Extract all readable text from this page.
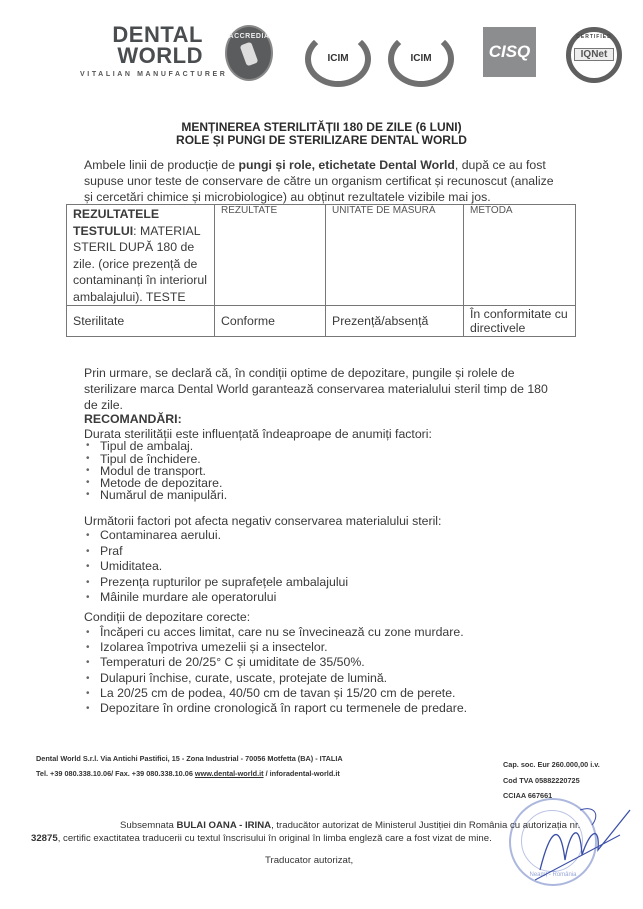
DENTAL
WORLD
VITALIAN MANUFACTURER
ACCREDIA
ICIM	ICIM	CISQ
CERTIFIED
IQNet
MENȚINEREA STERILITĂȚII 180 DE ZILE (6 LUNI)
ROLE ȘI PUNGI DE STERILIZARE DENTAL WORLD
Ambele linii de producție de pungi și role, etichetate Dental World, după ce au fost supuse unor teste de conservare de către un organism certificat și recunoscut (analize și cercetări chimice și microbiologice) au obținut rezultatele vizibile mai jos.
REZULTATELE TESTULUI: MATERIAL STERIL DUPĂ 180 de zile. (orice prezență de contaminanți în interiorul ambalajului). TESTE	REZULTATE	UNITATE DE MĂSURĂ	METODA
Sterilitate	Conforme	Prezență/absență	În conformitate cu directivele
Prin urmare, se declară că, în condiții optime de depozitare, pungile și rolele de sterilizare marca Dental World garantează conservarea materialului steril timp de 180 de zile.
RECOMANDĂRI:
Durata sterilității este influențată îndeaproape de anumiți factori:
• Tipul de ambalaj.
• Tipul de închidere.
• Modul de transport.
• Metode de depozitare.
• Numărul de manipulări.
Următorii factori pot afecta negativ conservarea materialului steril:
• Contaminarea aerului.
• Praf
• Umiditatea.
• Prezența rupturilor pe suprafețele ambalajului
• Mâinile murdare ale operatorului
Condiții de depozitare corecte:
• Încăperi cu acces limitat, care nu se învecinează cu zone murdare.
• Izolarea împotriva umezelii și a insectelor.
• Temperaturi de 20/25° C și umiditate de 35/50%.
• Dulapuri închise, curate, uscate, protejate de lumină.
• La 20/25 cm de podea, 40/50 cm de tavan și 15/20 cm de perete.
• Depozitare în ordine cronologică în raport cu termenele de predare.
Dental World S.r.l. Via Antichi Pastifici, 15 - Zona Industrial - 70056 Motfetta (BA) - ITALIA
Tel. +39 080.338.10.06/ Fax. +39 080.338.10.06 www.dental-world.it / inforadental-world.it
Cap. soc. Eur 260.000,00 i.v.
Cod TVA 05882220725
CCIAA 667661
Neamț - România
Subsemnata BULAI OANA - IRINA, traducător autorizat de Ministerul Justiției din România cu autorizația nr.
32875, certific exactitatea traducerii cu textul înscrisului în original în limba engleză care a fost vizat de mine.
Traducator autorizat,
